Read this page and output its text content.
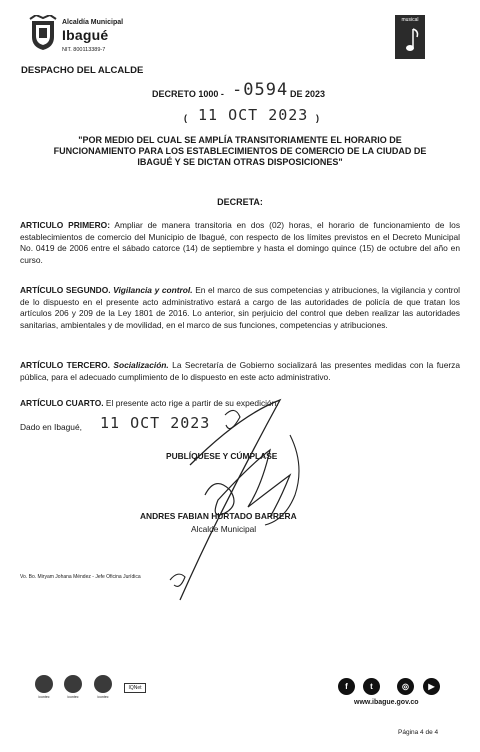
Alcaldía Municipal
Ibagué
NIT. 800113389-7
DESPACHO DEL ALCALDE
musical
DECRETO 1000 - -0594 DE 2023
( 11 OCT 2023 )
"POR MEDIO DEL CUAL SE AMPLÍA TRANSITORIAMENTE EL HORARIO DE FUNCIONAMIENTO PARA LOS ESTABLECIMIENTOS DE COMERCIO DE LA CIUDAD DE IBAGUÉ Y SE DICTAN OTRAS DISPOSICIONES"
DECRETA:
ARTICULO PRIMERO: Ampliar de manera transitoria en dos (02) horas, el horario de funcionamiento de los establecimientos de comercio del Municipio de Ibagué, con respecto de los límites previstos en el Decreto Municipal No. 0419 de 2006 entre el sábado catorce (14) de septiembre y hasta el domingo quince (15) de octubre del año en curso.
ARTÍCULO SEGUNDO. Vigilancia y control. En el marco de sus competencias y atribuciones, la vigilancia y control de lo dispuesto en el presente acto administrativo estará a cargo de las autoridades de policía de que tratan los artículos 206 y 209 de la Ley 1801 de 2016. Lo anterior, sin perjuicio del control que deben realizar las autoridades sanitarias, ambientales y de movilidad, en el marco de sus funciones, competencias y atribuciones.
ARTÍCULO TERCERO. Socialización. La Secretaría de Gobierno socializará las presentes medidas con la fuerza pública, para el adecuado cumplimiento de lo dispuesto en este acto administrativo.
ARTÍCULO CUARTO. El presente acto rige a partir de su expedición.
Dado en Ibagué, 11 OCT 2023
PUBLÍQUESE Y CÚMPLASE
ANDRES FABIAN HURTADO BARRERA
Alcalde Municipal
Vo. Bo. Miryam Johana Méndez - Jefe Oficina Jurídica
icontec	icontec	icontec
IQNet	f	t	◎	▶
www.ibague.gov.co
Página 4 de 4
